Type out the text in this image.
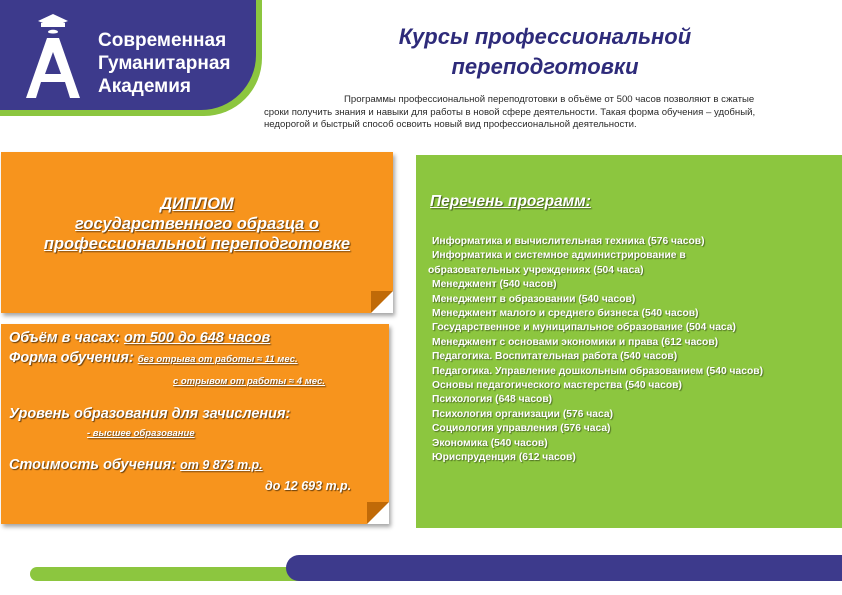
Современная
Гуманитарная
Академия
Курсы профессиональной
переподготовки
Программы профессиональной переподготовки в объёме от 500 часов позволяют в сжатые сроки получить знания и навыки для работы в новой сфере деятельности. Такая форма обучения – удобный, недорогой и быстрый способ освоить новый вид профессиональной деятельности.
ДИПЛОМ
государственного образца о
профессиональной переподготовке
Объём в часах: от 500 до 648 часов
Форма обучения: без отрыва от работы ≈ 11 мес.
с отрывом от работы ≈ 4 мес.
Уровень образования для зачисления:
- высшее образование
Стоимость обучения: от 9 873 т.р.
до 12 693 т.р.
Перечень программ:
Информатика и вычислительная техника (576 часов)
Информатика и системное администрирование в
образовательных учреждениях (504 часа)
Менеджмент (540 часов)
Менеджмент в образовании (540 часов)
Менеджмент малого и среднего бизнеса (540 часов)
Государственное и муниципальное образование (504 часа)
Менеджмент с основами экономики и права (612 часов)
Педагогика. Воспитательная работа (540 часов)
Педагогика. Управление дошкольным образованием (540 часов)
Основы педагогического мастерства (540 часов)
Психология (648 часов)
Психология организации (576 часа)
Социология управления (576 часа)
Экономика (540 часов)
Юриспруденция (612 часов)
